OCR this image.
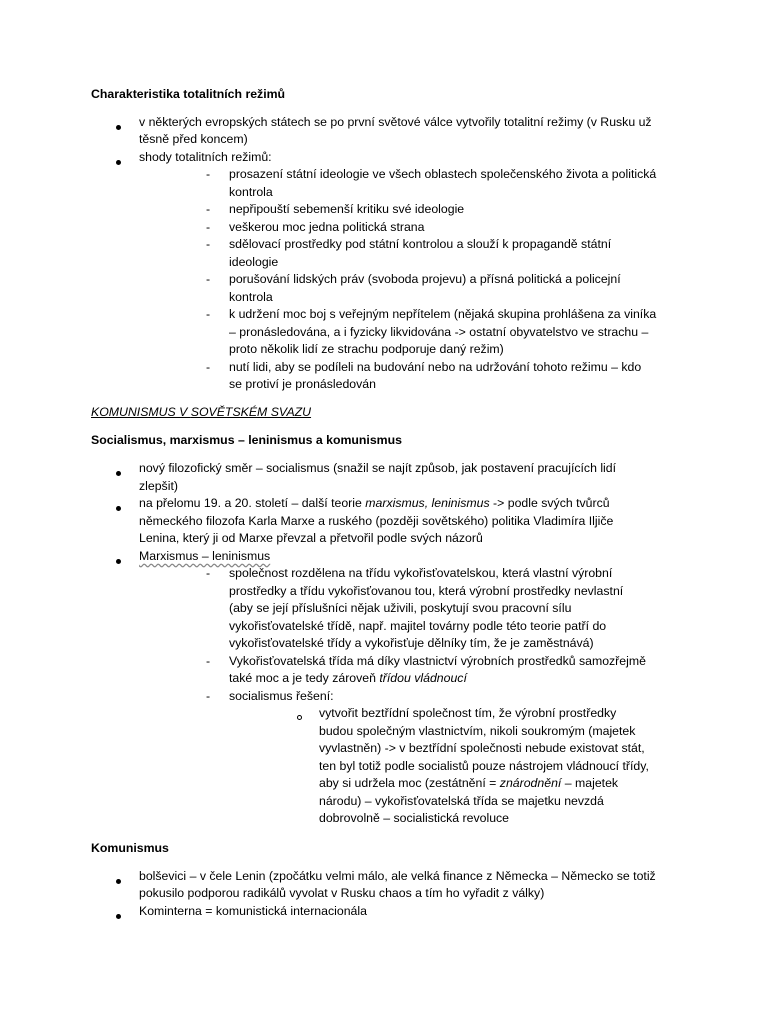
Charakteristika totalitních režimů
v některých evropských státech se po první světové válce vytvořily totalitní režimy (v Rusku už
těsně před koncem)
shody totalitních režimů:
- prosazení státní ideologie ve všech oblastech společenského života a politická
kontrola
- nepřipouští sebemenší kritiku své ideologie
- veškerou moc jedna politická strana
- sdělovací prostředky pod státní kontrolou a slouží k propagandě státní
ideologie
- porušování lidských práv (svoboda projevu) a přísná politická a policejní
kontrola
- k udržení moc boj s veřejným nepřítelem (nějaká skupina prohlášena za viníka
– pronásledována, a i fyzicky likvidována -> ostatní obyvatelstvo ve strachu –
proto několik lidí ze strachu podporuje daný režim)
- nutí lidi, aby se podíleli na budování nebo na udržování tohoto režimu – kdo
se protiví je pronásledován
KOMUNISMUS V SOVĚTSKÉM SVAZU
Socialismus, marxismus – leninismus a komunismus
nový filozofický směr – socialismus (snažil se najít způsob, jak postavení pracujících lidí
zlepšit)
na přelomu 19. a 20. století – další teorie marxismus, leninismus -> podle svých tvůrců
německého filozofa Karla Marxe a ruského (později sovětského) politika Vladimíra Iljiče
Lenina, který ji od Marxe převzal a přetvořil podle svých názorů
Marxismus – leninismus
- společnost rozdělena na třídu vykořisťovatelskou, která vlastní výrobní
prostředky a třídu vykořisťovanou tou, která výrobní prostředky nevlastní
(aby se její příslušníci nějak uživili, poskytují svou pracovní sílu
vykořisťovatelské třídě, např. majitel továrny podle této teorie patří do
vykořisťovatelské třídy a vykořisťuje dělníky tím, že je zaměstnává)
- Vykořisťovatelská třída má díky vlastnictví výrobních prostředků samozřejmě
také moc a je tedy zároveň třídou vládnoucí
- socialismus řešení:
vytvořit beztřídní společnost tím, že výrobní prostředky
budou společným vlastnictvím, nikoli soukromým (majetek
vyvlastněn) -> v beztřídní společnosti nebude existovat stát,
ten byl totiž podle socialistů pouze nástrojem vládnoucí třídy,
aby si udržela moc (zestátnění = znárodnění – majetek
národu) – vykořisťovatelská třída se majetku nevzdá
dobrovolně – socialistická revoluce
Komunismus
bolševici – v čele Lenin (zpočátku velmi málo, ale velká finance z Německa – Německo se totiž
pokusilo podporou radikálů vyvolat v Rusku chaos a tím ho vyřadit z války)
Kominterna = komunistická internacionála
